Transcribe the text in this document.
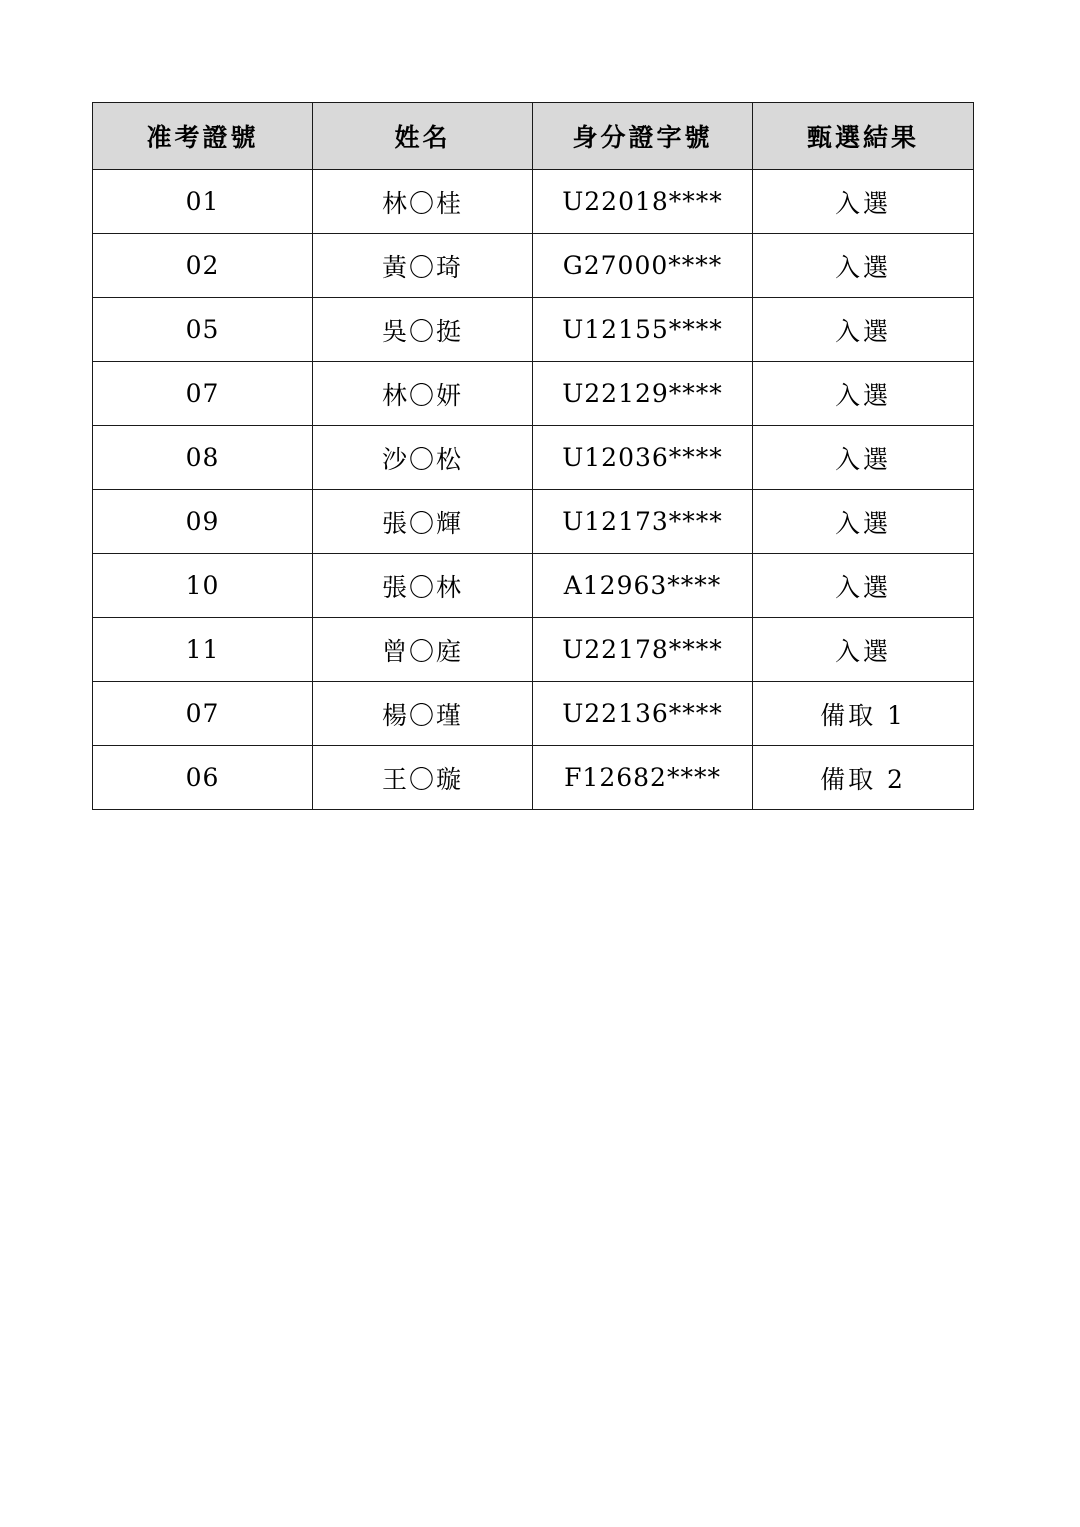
准考證號	姓名	身分證字號	甄選結果
01	林〇桂	U22018****	入選
02	黃〇琦	G27000****	入選
05	吳〇挺	U12155****	入選
07	林〇妍	U22129****	入選
08	沙〇松	U12036****	入選
09	張〇輝	U12173****	入選
10	張〇林	A12963****	入選
11	曾〇庭	U22178****	入選
07	楊〇瑾	U22136****	備取 1
06	王〇璇	F12682****	備取 2
